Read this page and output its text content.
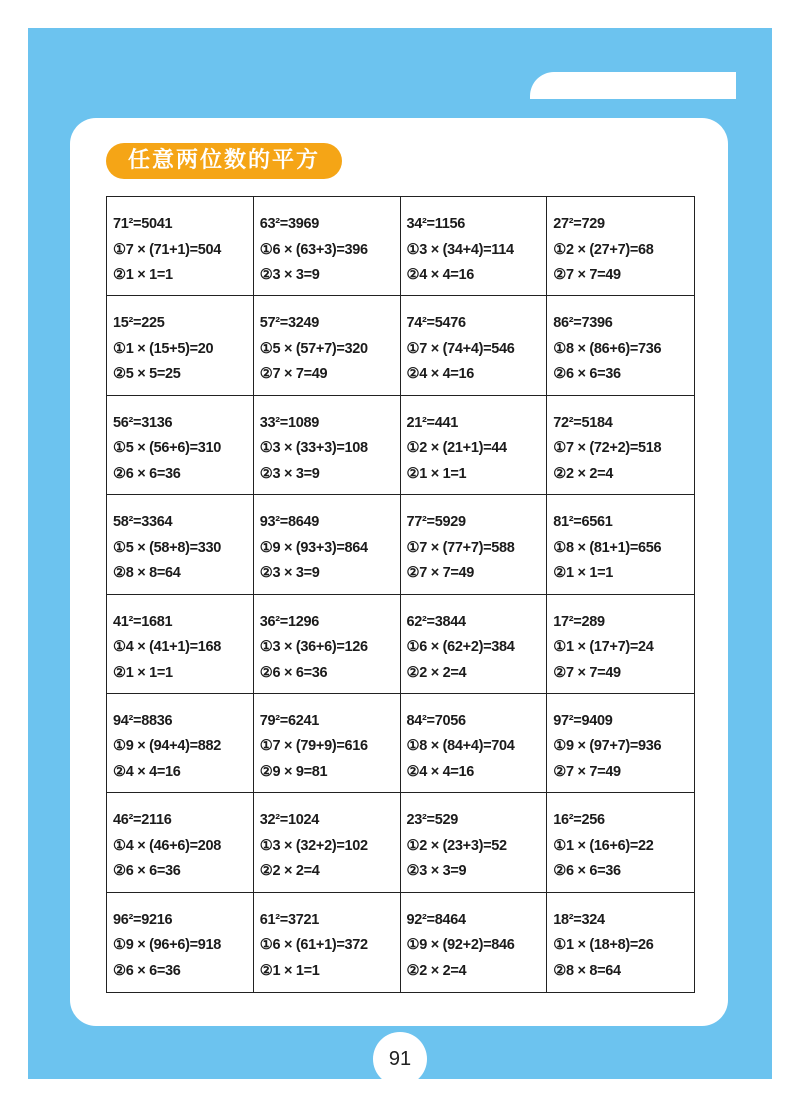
任意两位数的平方
71²=5041
①7 × (71+1)=504
②1 × 1=1
63²=3969
①6 × (63+3)=396
②3 × 3=9
34²=1156
①3 × (34+4)=114
②4 × 4=16
27²=729
①2 × (27+7)=68
②7 × 7=49
15²=225
①1 × (15+5)=20
②5 × 5=25
57²=3249
①5 × (57+7)=320
②7 × 7=49
74²=5476
①7 × (74+4)=546
②4 × 4=16
86²=7396
①8 × (86+6)=736
②6 × 6=36
56²=3136
①5 × (56+6)=310
②6 × 6=36
33²=1089
①3 × (33+3)=108
②3 × 3=9
21²=441
①2 × (21+1)=44
②1 × 1=1
72²=5184
①7 × (72+2)=518
②2 × 2=4
58²=3364
①5 × (58+8)=330
②8 × 8=64
93²=8649
①9 × (93+3)=864
②3 × 3=9
77²=5929
①7 × (77+7)=588
②7 × 7=49
81²=6561
①8 × (81+1)=656
②1 × 1=1
41²=1681
①4 × (41+1)=168
②1 × 1=1
36²=1296
①3 × (36+6)=126
②6 × 6=36
62²=3844
①6 × (62+2)=384
②2 × 2=4
17²=289
①1 × (17+7)=24
②7 × 7=49
94²=8836
①9 × (94+4)=882
②4 × 4=16
79²=6241
①7 × (79+9)=616
②9 × 9=81
84²=7056
①8 × (84+4)=704
②4 × 4=16
97²=9409
①9 × (97+7)=936
②7 × 7=49
46²=2116
①4 × (46+6)=208
②6 × 6=36
32²=1024
①3 × (32+2)=102
②2 × 2=4
23²=529
①2 × (23+3)=52
②3 × 3=9
16²=256
①1 × (16+6)=22
②6 × 6=36
96²=9216
①9 × (96+6)=918
②6 × 6=36
61²=3721
①6 × (61+1)=372
②1 × 1=1
92²=8464
①9 × (92+2)=846
②2 × 2=4
18²=324
①1 × (18+8)=26
②8 × 8=64
91
